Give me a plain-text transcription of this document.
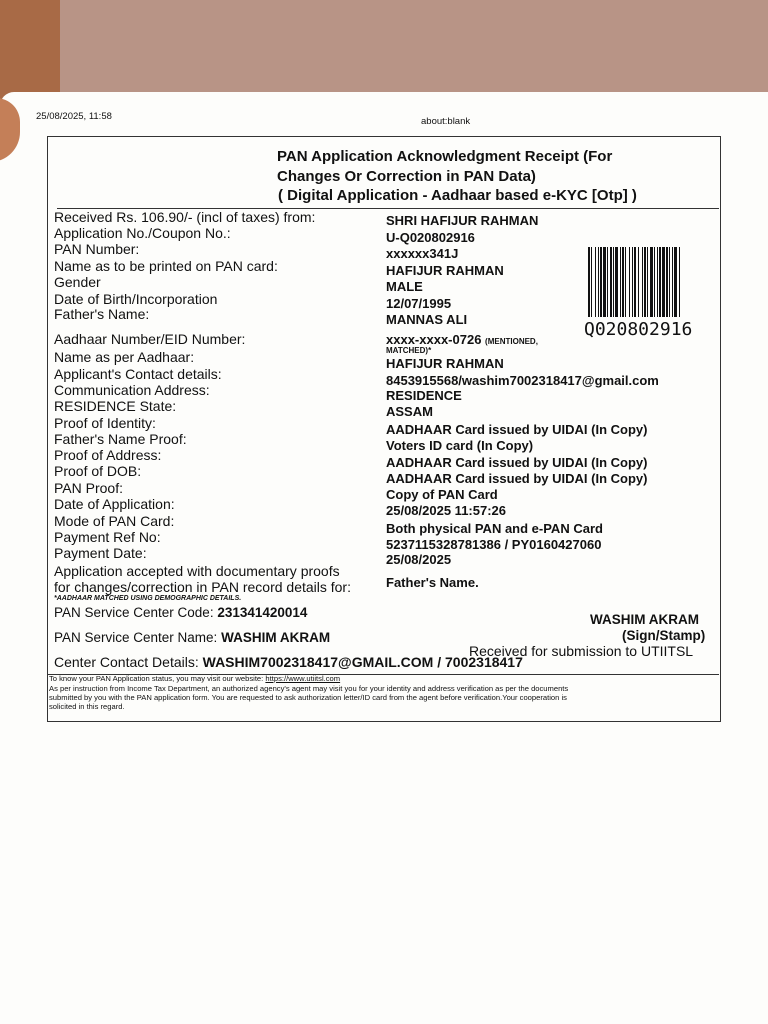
25/08/2025, 11:58	about:blank
PAN Application Acknowledgment Receipt (For
Changes Or Correction in PAN Data)
( Digital Application - Aadhaar based e-KYC [Otp] )
Received Rs. 106.90/- (incl of taxes) from:
Application No./Coupon No.:
PAN Number:
Name as to be printed on PAN card:
Gender
Date of Birth/Incorporation
Father's Name:
Aadhaar Number/EID Number:
Name as per Aadhaar:
Applicant's Contact details:
Communication Address:
RESIDENCE State:
Proof of Identity:
Father's Name Proof:
Proof of Address:
Proof of DOB:
PAN Proof:
Date of Application:
Mode of PAN Card:
Payment Ref No:
Payment Date:
Application accepted with documentary proofs
for changes/correction in PAN record details for:
*AADHAAR MATCHED USING DEMOGRAPHIC DETAILS.
SHRI HAFIJUR RAHMAN
U-Q020802916
xxxxxx341J
HAFIJUR RAHMAN
MALE
12/07/1995
MANNAS ALI
xxxx-xxxx-0726 (MENTIONED,
MATCHED)*
HAFIJUR RAHMAN
8453915568/washim7002318417@gmail.com
RESIDENCE
ASSAM
AADHAAR Card issued by UIDAI (In Copy)
Voters ID card (In Copy)
AADHAAR Card issued by UIDAI (In Copy)
AADHAAR Card issued by UIDAI (In Copy)
Copy of PAN Card
25/08/2025 11:57:26
Both physical PAN and e-PAN Card
5237115328781386 / PY0160427060
25/08/2025
Father's Name.
Q020802916
PAN Service Center Code: 231341420014
PAN Service Center Name: WASHIM AKRAM
Center Contact Details: WASHIM7002318417@GMAIL.COM / 7002318417
WASHIM AKRAM
(Sign/Stamp)
Received for submission to UTIITSL
To know your PAN Application status, you may visit our website: https://www.utiitsl.com
As per instruction from Income Tax Department, an authorized agency's agent may visit you for your identity and address verification as per the documents
submitted by you with the PAN application form. You are requested to ask authorization letter/ID card from the agent before verification.Your cooperation is
solicited in this regard.
